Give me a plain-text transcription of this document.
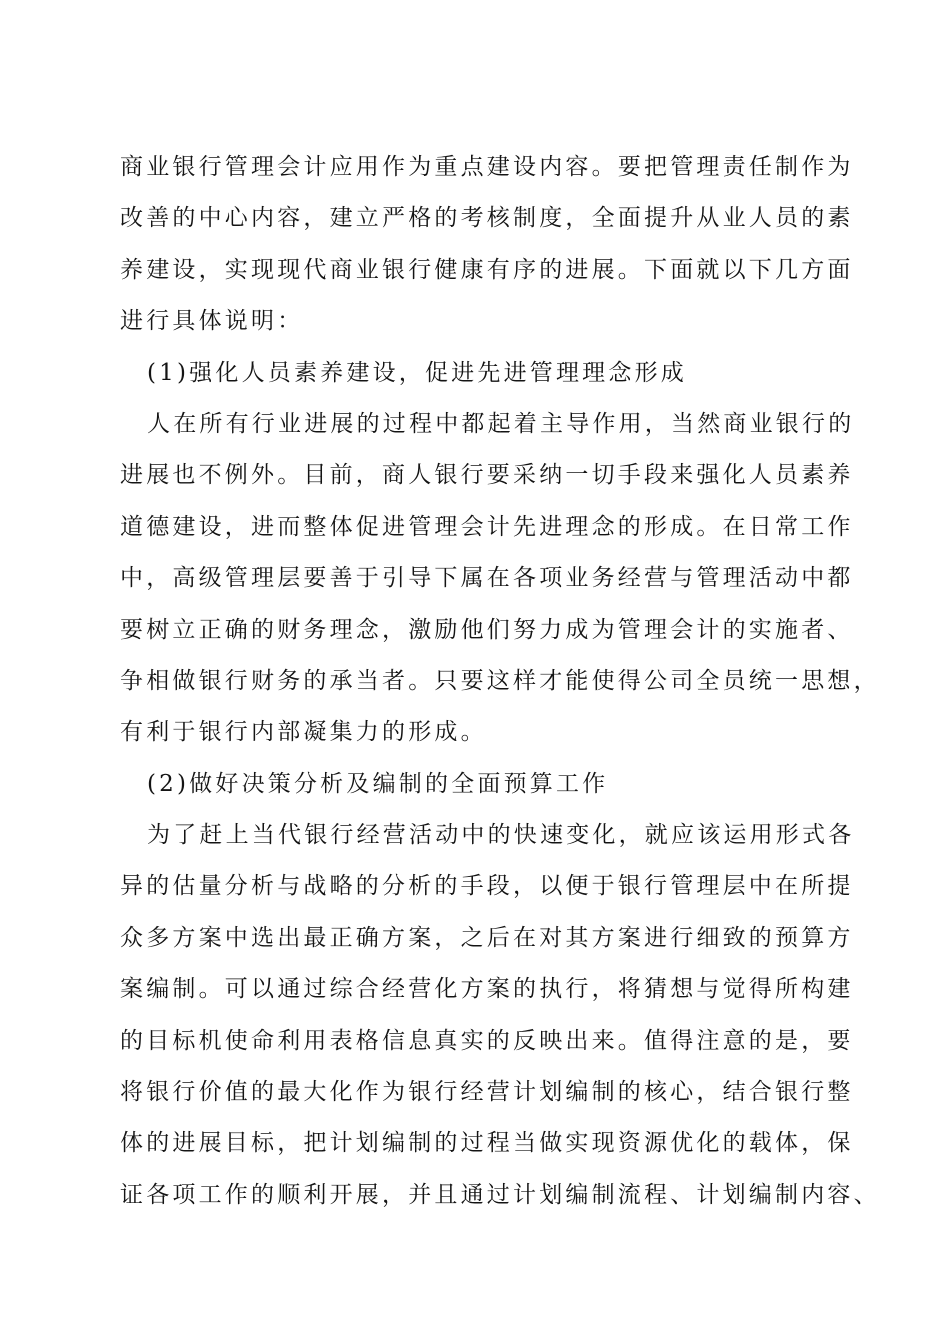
商业银行管理会计应用作为重点建设内容。要把管理责任制作为
改善的中心内容，建立严格的考核制度，全面提升从业人员的素
养建设，实现现代商业银行健康有序的进展。下面就以下几方面
进行具体说明：
(1)强化人员素养建设，促进先进管理理念形成
人在所有行业进展的过程中都起着主导作用，当然商业银行的
进展也不例外。目前，商人银行要采纳一切手段来强化人员素养
道德建设，进而整体促进管理会计先进理念的形成。在日常工作
中，高级管理层要善于引导下属在各项业务经营与管理活动中都
要树立正确的财务理念，激励他们努力成为管理会计的实施者、
争相做银行财务的承当者。只要这样才能使得公司全员统一思想，
有利于银行内部凝集力的形成。
(2)做好决策分析及编制的全面预算工作
为了赶上当代银行经营活动中的快速变化，就应该运用形式各
异的估量分析与战略的分析的手段，以便于银行管理层中在所提
众多方案中选出最正确方案，之后在对其方案进行细致的预算方
案编制。可以通过综合经营化方案的执行，将猜想与觉得所构建
的目标机使命利用表格信息真实的反映出来。值得注意的是，要
将银行价值的最大化作为银行经营计划编制的核心，结合银行整
体的进展目标，把计划编制的过程当做实现资源优化的载体，保
证各项工作的顺利开展，并且通过计划编制流程、计划编制内容、
